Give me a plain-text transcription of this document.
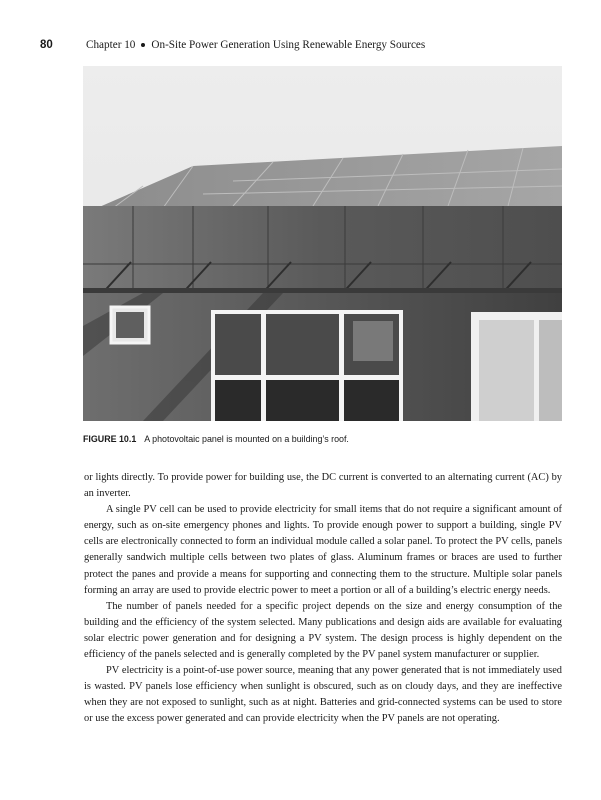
80	Chapter 10 On-Site Power Generation Using Renewable Energy Sources
FIGURE 10.1 A photovoltaic panel is mounted on a building’s roof.

or lights directly. To provide power for building use, the DC current is converted to an alternating current (AC) by an inverter.

A single PV cell can be used to provide electricity for small items that do not require a significant amount of energy, such as on-site emergency phones and lights. To provide enough power to support a building, single PV cells are electronically connected to form an individual module called a solar panel. To protect the PV cells, panels generally sandwich multiple cells between two plates of glass. Aluminum frames or braces are used to further protect the panes and provide a means for supporting and connecting them to the structure. Multiple solar panels forming an array are used to provide electric power to meet a portion or all of a building’s electric energy needs.

The number of panels needed for a specific project depends on the size and energy consumption of the building and the efficiency of the system selected. Many publications and design aids are available for evaluating solar electric power generation and for designing a PV system. The design process is highly dependent on the efficiency of the panels selected and is generally completed by the PV panel system manufacturer or supplier.

PV electricity is a point-of-use power source, meaning that any power generated that is not immediately used is wasted. PV panels lose efficiency when sunlight is obscured, such as on cloudy days, and they are ineffective when they are not exposed to sunlight, such as at night. Batteries and grid-connected systems can be used to store or use the excess power generated and can provide electricity when the PV panels are not operating.
